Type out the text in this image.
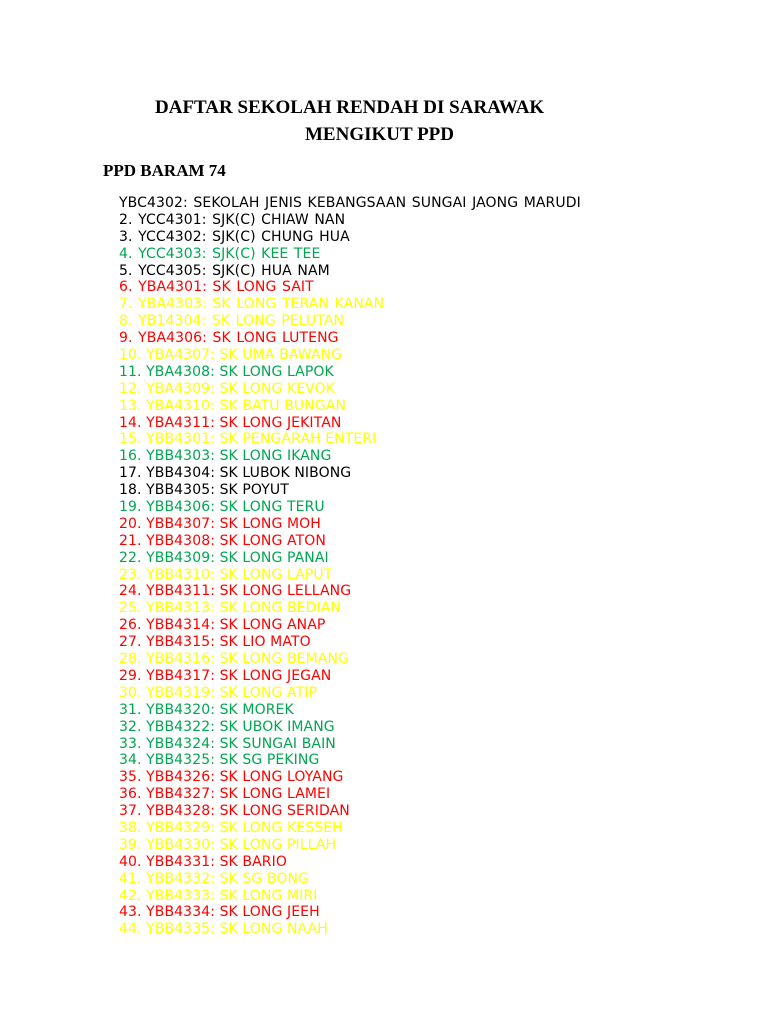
DAFTAR SEKOLAH RENDAH DI SARAWAK
MENGIKUT PPD
PPD BARAM 74
YBC4302: SEKOLAH JENIS KEBANGSAAN SUNGAI JAONG MARUDI
2. YCC4301: SJK(C) CHIAW NAN
3. YCC4302: SJK(C) CHUNG HUA
4. YCC4303: SJK(C) KEE TEE
5. YCC4305: SJK(C) HUA NAM
6. YBA4301: SK LONG SAIT
7. YBA4303: SK LONG TERAN KANAN
8. YB14304: SK LONG PELUTAN
9. YBA4306: SK LONG LUTENG
10. YBA4307: SK UMA BAWANG
11. YBA4308: SK LONG LAPOK
12. YBA4309: SK LONG KEVOK
13. YBA4310: SK BATU BUNGAN
14. YBA4311: SK LONG JEKITAN
15. YBB4301: SK PENGARAH ENTERI
16. YBB4303: SK LONG IKANG
17. YBB4304: SK LUBOK NIBONG
18. YBB4305: SK POYUT
19. YBB4306: SK LONG TERU
20. YBB4307: SK LONG MOH
21. YBB4308: SK LONG ATON
22. YBB4309: SK LONG PANAI
23. YBB4310: SK LONG LAPUT
24. YBB4311: SK LONG LELLANG
25. YBB4313: SK LONG BEDIAN
26. YBB4314: SK LONG ANAP
27. YBB4315: SK LIO MATO
28. YBB4316: SK LONG BEMANG
29. YBB4317: SK LONG JEGAN
30. YBB4319: SK LONG ATIP
31. YBB4320: SK MOREK
32. YBB4322: SK UBOK IMANG
33. YBB4324: SK SUNGAI BAIN
34. YBB4325: SK SG PEKING
35. YBB4326: SK LONG LOYANG
36. YBB4327: SK LONG LAMEI
37. YBB4328: SK LONG SERIDAN
38. YBB4329: SK LONG KESSEH
39. YBB4330: SK LONG PILLAH
40. YBB4331: SK BARIO
41. YBB4332: SK SG BONG
42. YBB4333: SK LONG MIRI
43. YBB4334: SK LONG JEEH
44. YBB4335: SK LONG NAAH
